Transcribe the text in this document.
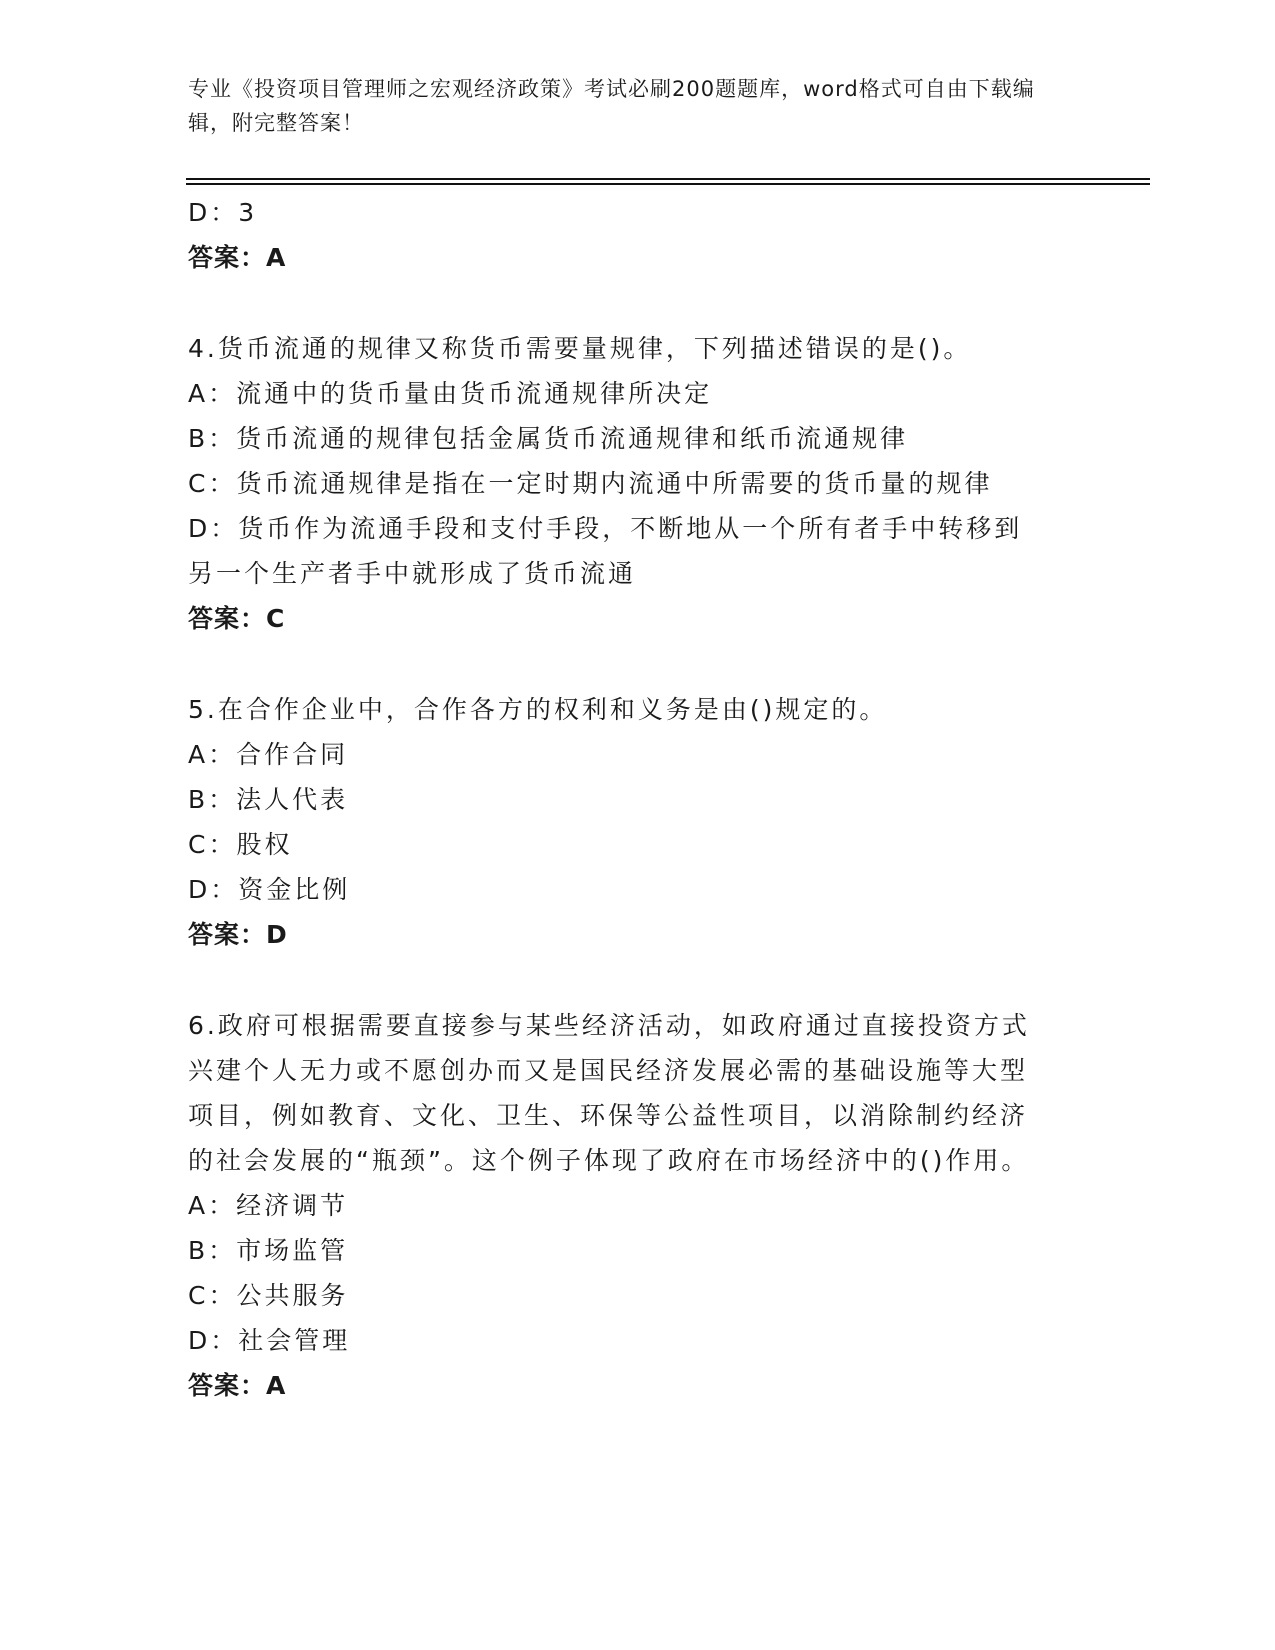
专业《投资项目管理师之宏观经济政策》考试必刷200题题库，word格式可自由下载编辑，附完整答案！
D：3
答案：A
4.货币流通的规律又称货币需要量规律，下列描述错误的是()。
A：流通中的货币量由货币流通规律所决定
B：货币流通的规律包括金属货币流通规律和纸币流通规律
C：货币流通规律是指在一定时期内流通中所需要的货币量的规律
D：货币作为流通手段和支付手段，不断地从一个所有者手中转移到另一个生产者手中就形成了货币流通
答案：C
5.在合作企业中，合作各方的权利和义务是由()规定的。
A：合作合同
B：法人代表
C：股权
D：资金比例
答案：D
6.政府可根据需要直接参与某些经济活动，如政府通过直接投资方式兴建个人无力或不愿创办而又是国民经济发展必需的基础设施等大型项目，例如教育、文化、卫生、环保等公益性项目，以消除制约经济的社会发展的“瓶颈”。这个例子体现了政府在市场经济中的()作用。
A：经济调节
B：市场监管
C：公共服务
D：社会管理
答案：A
